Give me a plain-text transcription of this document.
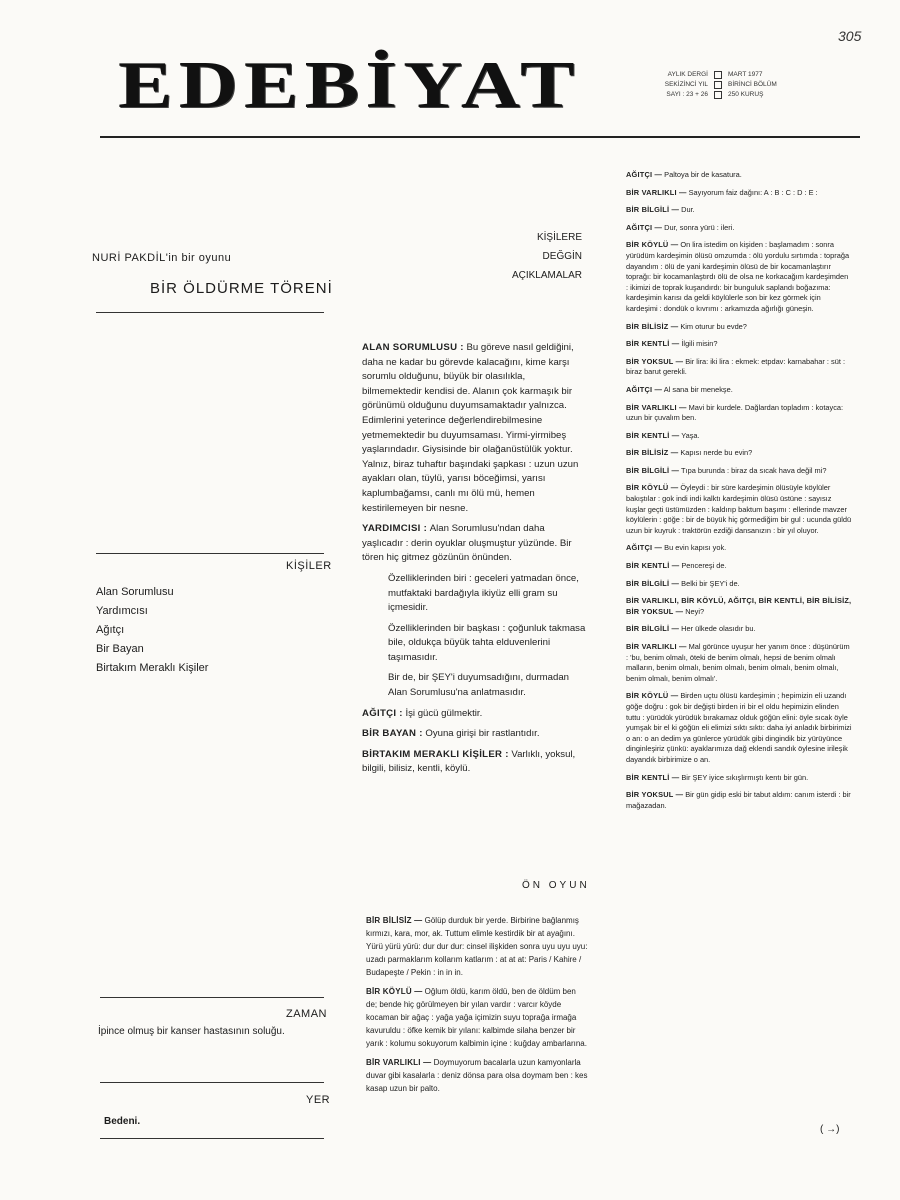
305
EDEBİYAT	AYLIK DERGİ	MART 1977
SEKİZİNCİ YIL	BİRİNCİ BÖLÜM
SAYI : 23 + 26	250 KURUŞ
NURİ PAKDİL'in bir oyunu
BİR ÖLDÜRME TÖRENİ
KİŞİLER
Alan Sorumlusu
Yardımcısı
Ağıtçı
Bir Bayan
Birtakım Meraklı Kişiler
ZAMAN
İpince olmuş bir kanser hastasının soluğu.
YER
Bedeni.
KİŞİLERE
DEĞGİN
AÇIKLAMALAR

ALAN SORUMLUSU : Bu göreve nasıl geldiğini, daha ne kadar bu görevde kalacağını, kime karşı sorumlu olduğunu, büyük bir olasılıkla, bilmemektedir kendisi de. Alanın çok karmaşık bir görünümü olduğunu duyumsamaktadır yalnızca. Edimlerini yeterince değerlendirebilmesine yetmemektedir bu duyumsaması. Yirmi-yirmibeş yaşlarındadır. Giysisinde bir olağanüstülük yoktur. Yalnız, biraz tuhaftır başındaki şapkası : uzun uzun ayakları olan, tüylü, yarısı böceğimsi, yarısı kaplumbağamsı, canlı mı ölü mü, hemen kestirilemeyen bir nesne.

YARDIMCISI : Alan Sorumlusu'ndan daha yaşlıcadır : derin oyuklar oluşmuştur yüzünde. Bir tören hiç gitmez gözünün önünden.

Özelliklerinden biri : geceleri yatmadan önce, mutfaktaki bardağıyla ikiyüz elli gram su içmesidir.

Özelliklerinden bir başkası : çoğunluk takmasa bile, oldukça büyük tahta elduvenlerini taşımasıdır.

Bir de, bir ŞEY'i duyumsadığını, durmadan Alan Sorumlusu'na anlatmasıdır.

AĞITÇI : İşi gücü gülmektir.

BİR BAYAN : Oyuna girişi bir rastlantıdır.

BİRTAKIM MERAKLI KİŞİLER : Varlıklı, yoksul, bilgili, bilisiz, kentli, köylü.

ÖN OYUN

BİR BİLİSİZ — Gölüp durduk bir yerde. Birbirine bağlanmış kırmızı, kara, mor, ak. Tuttum elimle kestirdik bir at ayağını. Yürü yürü yürü: dur dur dur: cinsel ilişkiden sonra uyu uyu uyu: uzadı parmaklarım kollarım katlarım : at at at: Paris / Kahire / Budapeşte / Pekin : in in in.

BİR KÖYLÜ — Oğlum öldü, karım öldü, ben de öldüm ben de; bende hiç görülmeyen bir yılan vardır : varcır köyde kocaman bir ağaç : yağa yağa içimizin suyu toprağa irmağa kavuruldu : öfke kemik bir yılanı: kalbimde silaha benzer bir yarık : kolumu sokuyorum kalbimin içine : kuğday ambarlarına.

BİR VARLIKLI — Doymuyorum bacalarla uzun kamyonlarla duvar gibi kasalarla : deniz dönsa para olsa doymam ben : kes kasap uzun bir palto.

AĞITÇI — Paltoya bir de kasatura.

BİR VARLIKLI — Sayıyorum faiz dağını: A : B : C : D : E :

BİR BİLGİLİ — Dur.

AĞITÇI — Dur, sonra yürü : ileri.

BİR KÖYLÜ — On lira istedim on kişiden : başlamadım : sonra yürüdüm kardeşimin ölüsü omzumda : ölü yordulu sırtımda : toprağa dayandım : ölü de yani kardeşimin ölüsü de bir kocamanlaştırır toprağı: bir kocamanlaştırdı ölü de olsa ne korkacağım kardeşimden : ikimizi de toprak kuşandırdı: bir bunguluk saplandı boğazıma: kardeşimin karısı da geldi köylülerle son bir kez görmek için kardeşimi : dondük o kıvrımı : arkamızda ağırlığı güneşin.

BİR BİLİSİZ — Kim oturur bu evde?

BİR KENTLİ — İlgili misin?

BİR YOKSUL — Bir lira: iki lira : ekmek: etpdav: karnabahar : süt : biraz barut gerekli.

AĞITÇI — Al sana bir menekşe.

BİR VARLIKLI — Mavi bir kurdele. Dağlardan topladım : kotayca: uzun bir çuvalım ben.

BİR KENTLİ — Yaşa.

BİR BİLİSİZ — Kapısı nerde bu evin?

BİR BİLGİLİ — Tıpa burunda : biraz da sıcak hava değil mi?

BİR KÖYLÜ — Öyleydi : bir süre kardeşimin ölüsüyle köylüler bakıştılar : gok indi indi kalktı kardeşimin ölüsü üstüne : sayısız kuşlar geçti üstümüzden : kaldırıp baktum başımı : ellerinde mavzer köylülerin : göğe : bir de büyük hiç görmediğim bir gul : ucunda güldü uzun bir kuyruk : traktörün ezdiği dansanızın : bir yıl oluyor.

AĞITÇI — Bu evin kapısı yok.

BİR KENTLİ — Pencereşi de.

BİR BİLGİLİ — Belki bir ŞEY'i de.

BİR VARLIKLI, BİR KÖYLÜ, AĞITÇI, BİR KENTLİ, BİR BİLİSİZ, BİR YOKSUL — Neyi?

BİR BİLGİLİ — Her ülkede olasıdır bu.

BİR VARLIKLI — Mal görünce uyuşur her yanım önce : düşünürüm : 'bu, benim olmalı, öteki de benim olmalı, hepsi de benim olmalı malların, benim olmalı, benim olmalı, benim olmalı, benim olmalı, benim olmalı, benim olmalı'.

BİR KÖYLÜ — Birden uçtu ölüsü kardeşimin ; hepimizin eli uzandı göğe doğru : gok bir değişti birden iri bir el oldu hepimizin elinden tuttu : yürüdük yürüdük bırakamaz olduk göğün elini: öyle sıcak öyle yumşak bir el ki göğün eli elimizi sıktı sıktı: daha iyi anladık birbirimizi o an: o an dedim ya günlerce yürüdük gibi dingindik biz yürüyünce dinginleşiriz çünkü: ayaklarımıza dağ eklendi sandık öylesine irileşik dayandık birbirimize o an.

BİR KENTLİ — Bir ŞEY iyice sıkışlırmıştı kentı bir gün.

BİR YOKSUL — Bir gün gidip eski bir tabut aldım: canım isterdi : bir mağazadan.

( →)
